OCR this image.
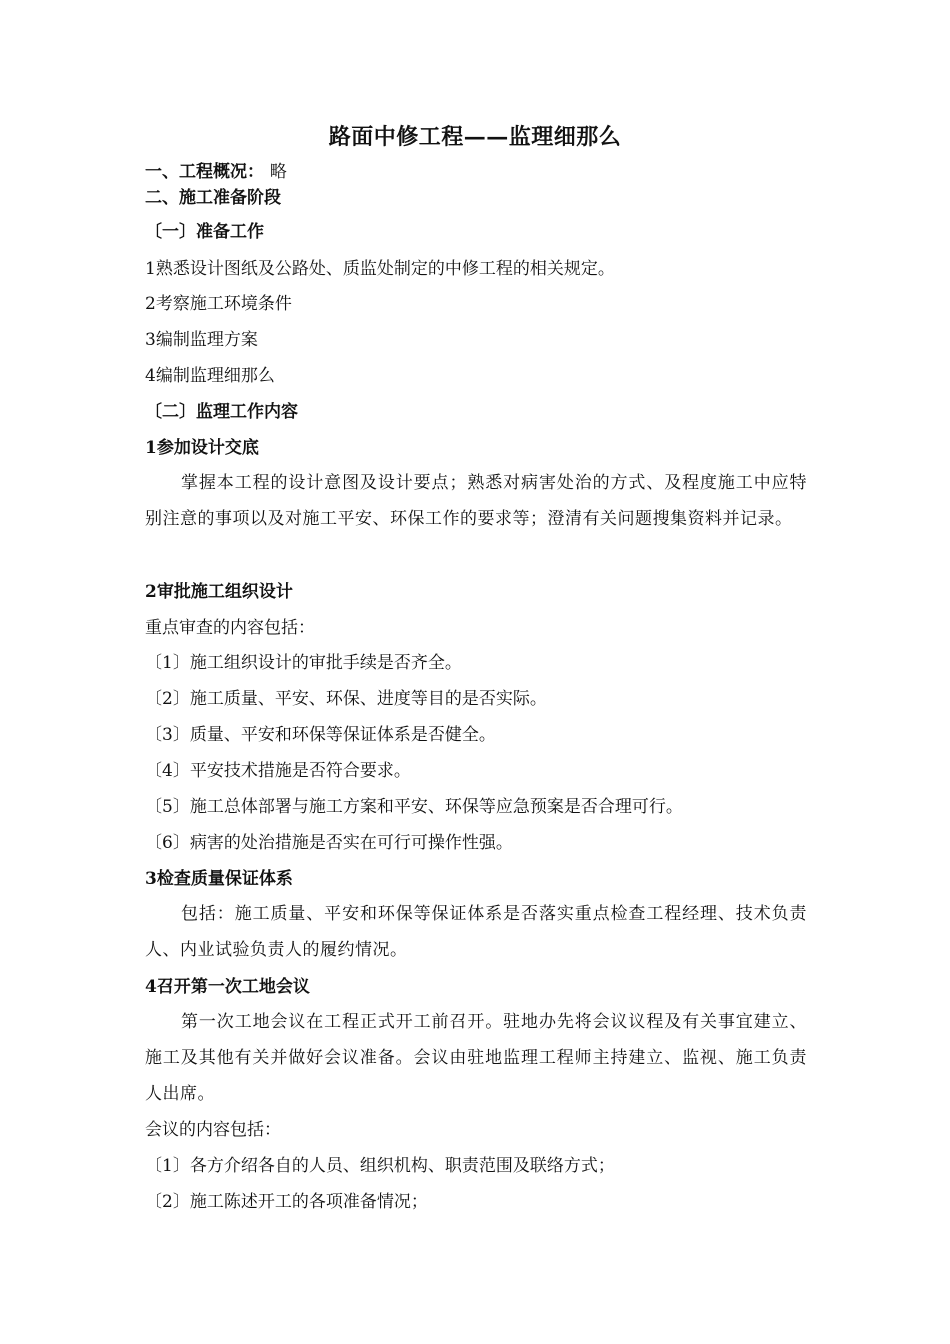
路面中修工程——监理细那么
一、工程概况： 略
二、施工准备阶段
〔一〕准备工作
1熟悉设计图纸及公路处、质监处制定的中修工程的相关规定。
2考察施工环境条件
3编制监理方案
4编制监理细那么
〔二〕监理工作内容
1参加设计交底
掌握本工程的设计意图及设计要点；熟悉对病害处治的方式、及程度施工中应特别注意的事项以及对施工平安、环保工作的要求等；澄清有关问题搜集资料并记录。
2审批施工组织设计
重点审查的内容包括：
〔1〕施工组织设计的审批手续是否齐全。
〔2〕施工质量、平安、环保、进度等目的是否实际。
〔3〕质量、平安和环保等保证体系是否健全。
〔4〕平安技术措施是否符合要求。
〔5〕施工总体部署与施工方案和平安、环保等应急预案是否合理可行。
〔6〕病害的处治措施是否实在可行可操作性强。
3检查质量保证体系
包括：施工质量、平安和环保等保证体系是否落实重点检查工程经理、技术负责人、内业试验负责人的履约情况。
4召开第一次工地会议
第一次工地会议在工程正式开工前召开。驻地办先将会议议程及有关事宜建立、施工及其他有关并做好会议准备。会议由驻地监理工程师主持建立、监视、施工负责人出席。
会议的内容包括：
〔1〕各方介绍各自的人员、组织机构、职责范围及联络方式；
〔2〕施工陈述开工的各项准备情况；
